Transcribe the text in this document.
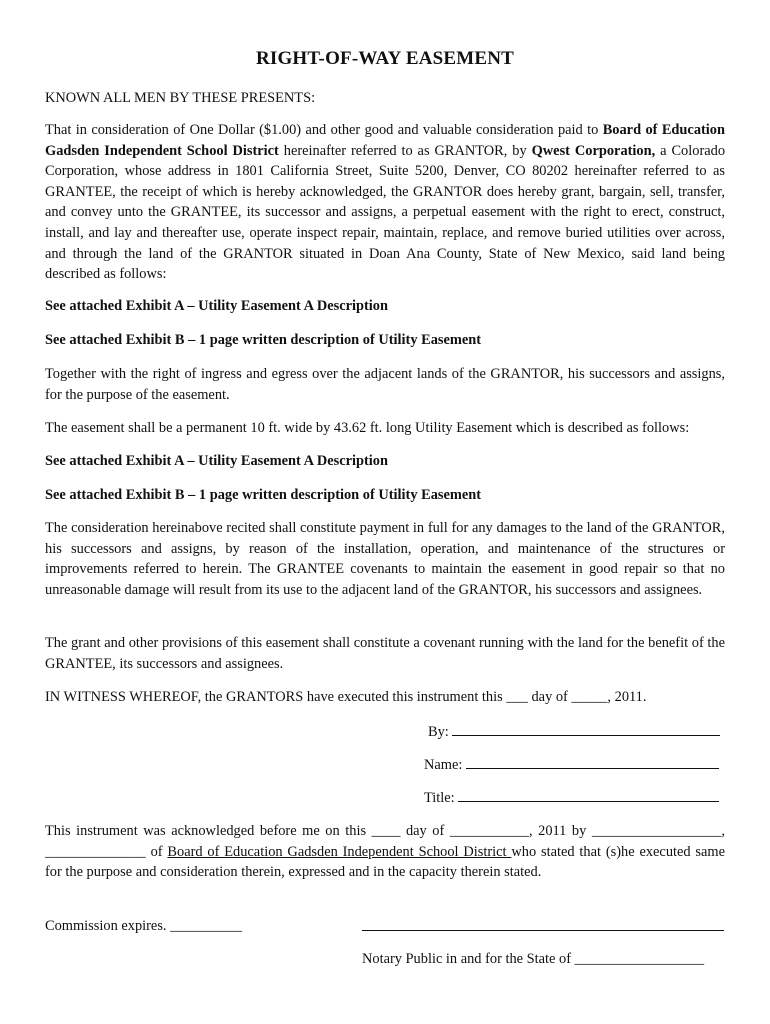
RIGHT-OF-WAY EASEMENT

KNOWN ALL MEN BY THESE PRESENTS:

That in consideration of One Dollar ($1.00) and other good and valuable consideration paid to Board of Education Gadsden Independent School District hereinafter referred to as GRANTOR, by Qwest Corporation, a Colorado Corporation, whose address in 1801 California Street, Suite 5200, Denver, CO 80202 hereinafter referred to as GRANTEE, the receipt of which is hereby acknowledged, the GRANTOR does hereby grant, bargain, sell, transfer, and convey unto the GRANTEE, its successor and assigns, a perpetual easement with the right to erect, construct, install, and lay and thereafter use, operate inspect repair, maintain, replace, and remove buried utilities over across, and through the land of the GRANTOR situated in Doan Ana County, State of New Mexico, said land being described as follows:

See attached Exhibit A – Utility Easement A Description

See attached Exhibit B – 1 page written description of Utility Easement

Together with the right of ingress and egress over the adjacent lands of the GRANTOR, his successors and assigns, for the purpose of the easement.

The easement shall be a permanent 10 ft. wide by 43.62 ft. long Utility Easement which is described as follows:

See attached Exhibit A – Utility Easement A Description

See attached Exhibit B – 1 page written description of Utility Easement

The consideration hereinabove recited shall constitute payment in full for any damages to the land of the GRANTOR, his successors and assigns, by reason of the installation, operation, and maintenance of the structures or improvements referred to herein. The GRANTEE covenants to maintain the easement in good repair so that no unreasonable damage will result from its use to the adjacent land of the GRANTOR, his successors and assignees.

The grant and other provisions of this easement shall constitute a covenant running with the land for the benefit of the GRANTEE, its successors and assignees.

IN WITNESS WHEREOF, the GRANTORS have executed this instrument this ___ day of _____, 2011.

By:
Name:
Title:

This instrument was acknowledged before me on this ____ day of ___________, 2011 by __________________, ______________ of Board of Education Gadsden Independent School District who stated that (s)he executed same for the purpose and consideration therein, expressed and in the capacity therein stated.

Commission expires. __________
Notary Public in and for the State of __________________
